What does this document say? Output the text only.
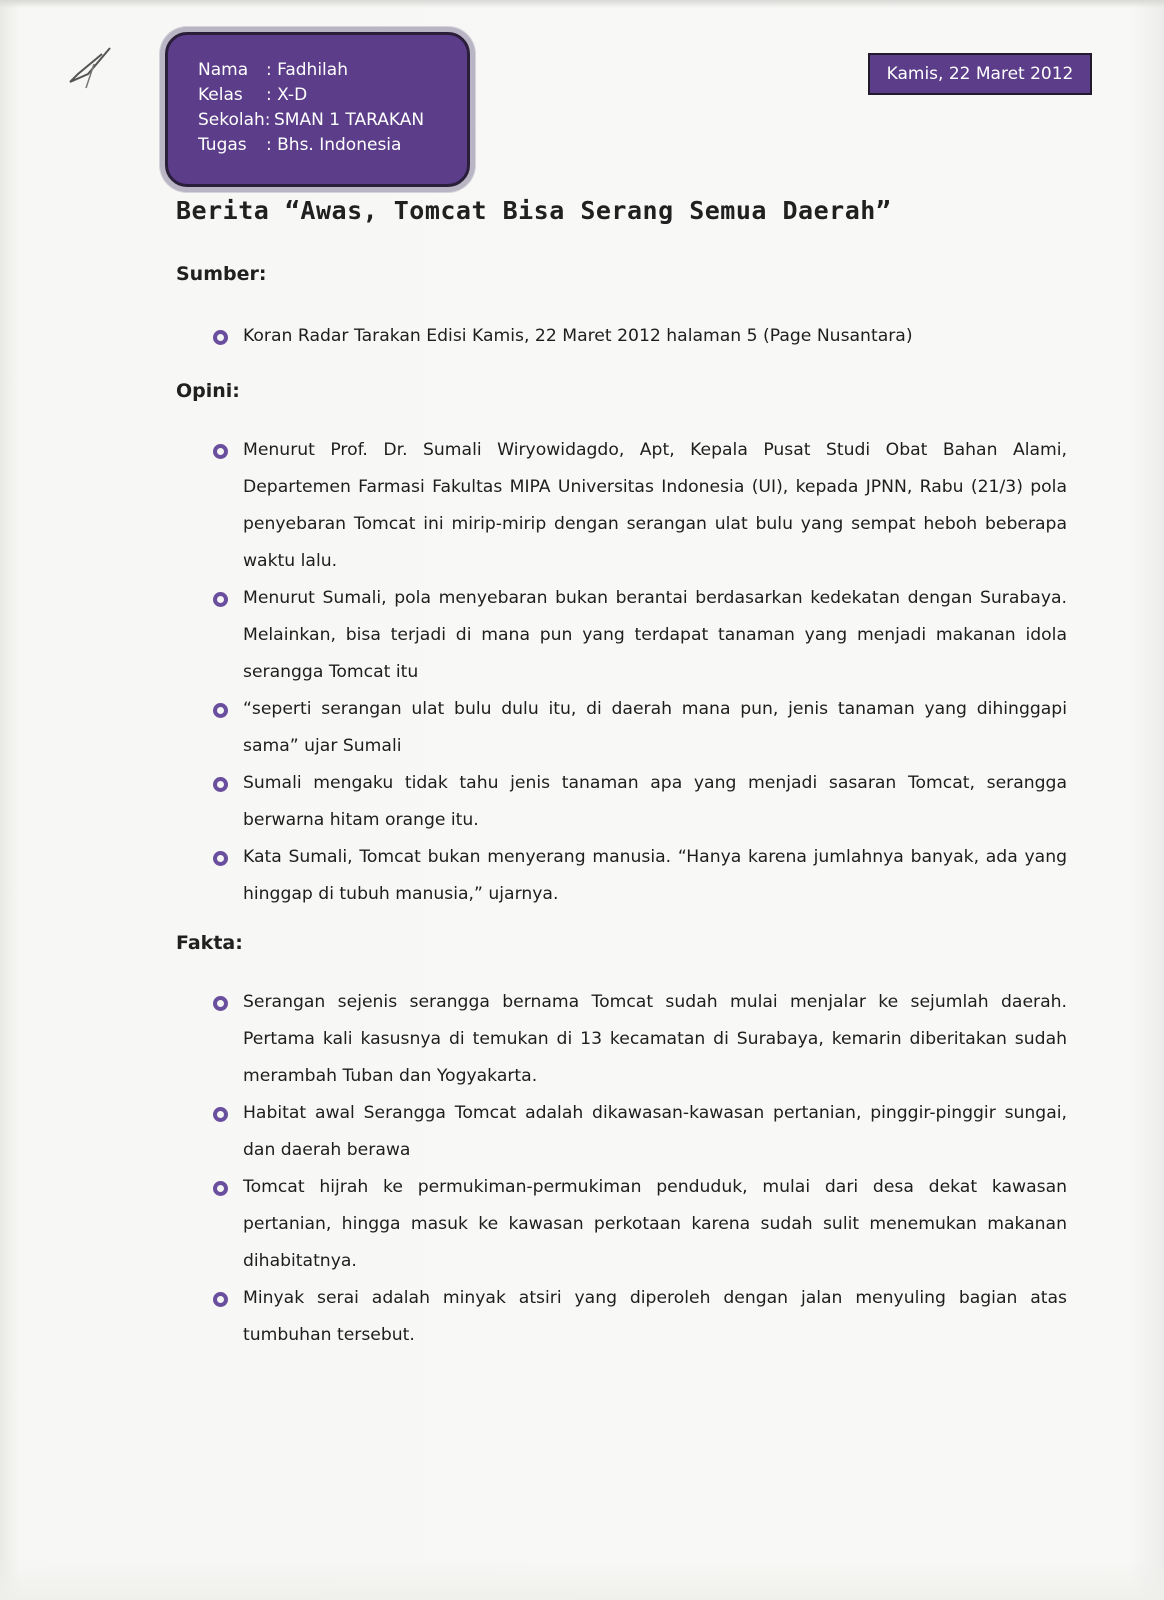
Nama : Fadhilah
Kelas : X-D
Sekolah: SMAN 1 TARAKAN
Tugas : Bhs. Indonesia
Kamis, 22 Maret 2012
Berita “Awas, Tomcat Bisa Serang Semua Daerah”
Sumber:
Koran Radar Tarakan Edisi Kamis, 22 Maret 2012 halaman 5 (Page Nusantara)
Opini:
Menurut Prof. Dr. Sumali Wiryowidagdo, Apt, Kepala Pusat Studi Obat Bahan Alami, Departemen Farmasi Fakultas MIPA Universitas Indonesia (UI), kepada JPNN, Rabu (21/3) pola penyebaran Tomcat ini mirip-mirip dengan serangan ulat bulu yang sempat heboh beberapa waktu lalu.
Menurut Sumali, pola menyebaran bukan berantai berdasarkan kedekatan dengan Surabaya. Melainkan, bisa terjadi di mana pun yang terdapat tanaman yang menjadi makanan idola serangga Tomcat itu
“seperti serangan ulat bulu dulu itu, di daerah mana pun, jenis tanaman yang dihinggapi sama” ujar Sumali
Sumali mengaku tidak tahu jenis tanaman apa yang menjadi sasaran Tomcat, serangga berwarna hitam orange itu.
Kata Sumali, Tomcat bukan menyerang manusia. “Hanya karena jumlahnya banyak, ada yang hinggap di tubuh manusia,” ujarnya.
Fakta:
Serangan sejenis serangga bernama Tomcat sudah mulai menjalar ke sejumlah daerah. Pertama kali kasusnya di temukan di 13 kecamatan di Surabaya, kemarin diberitakan sudah merambah Tuban dan Yogyakarta.
Habitat awal Serangga Tomcat adalah dikawasan-kawasan pertanian, pinggir-pinggir sungai, dan daerah berawa
Tomcat hijrah ke permukiman-permukiman penduduk, mulai dari desa dekat kawasan pertanian, hingga masuk ke kawasan perkotaan karena sudah sulit menemukan makanan dihabitatnya.
Minyak serai adalah minyak atsiri yang diperoleh dengan jalan menyuling bagian atas tumbuhan tersebut.
